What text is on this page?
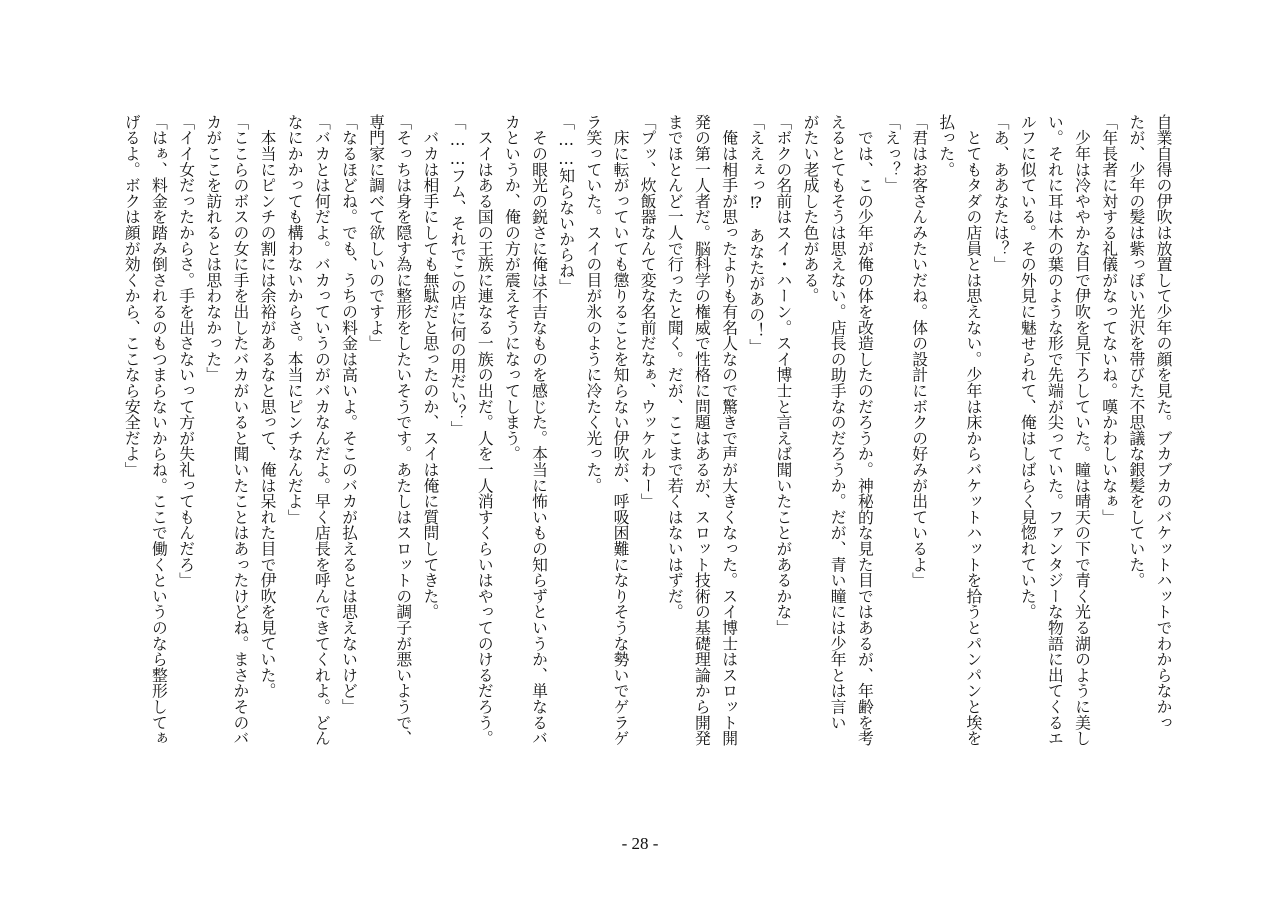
自業自得の伊吹は放置して少年の顔を見た。ブカブカのバケットハットでわからなかっ
たが、少年の髪は紫っぽい光沢を帯びた不思議な銀髪をしていた。
「年長者に対する礼儀がなってないね。嘆かわしいなぁ」
　少年は冷ややかな目で伊吹を見下ろしていた。瞳は晴天の下で青く光る湖のように美し
い。それに耳は木の葉のような形で先端が尖っていた。ファンタジーな物語に出てくるエ
ルフに似ている。その外見に魅せられて、俺はしばらく見惚れていた。
「あ、ああなたは？」
　とてもタダの店員とは思えない。少年は床からバケットハットを拾うとパンパンと埃を
払った。
「君はお客さんみたいだね。体の設計にボクの好みが出ているよ」
「えっ？」
　では、この少年が俺の体を改造したのだろうか。神秘的な見た目ではあるが、年齢を考
えるとてもそうは思えない。店長の助手なのだろうか。だが、青い瞳には少年とは言い
がたい老成した色がある。
「ボクの名前はスイ・ハーン。スイ博士と言えば聞いたことがあるかな」
「ええぇっ⁉　あなたがあの！」
　俺は相手が思ったよりも有名人なので驚きで声が大きくなった。スイ博士はスロット開
発の第一人者だ。脳科学の権威で性格に問題はあるが、スロット技術の基礎理論から開発
までほとんど一人で行ったと聞く。だが、ここまで若くはないはずだ。
「プッ、炊飯器なんて変な名前だなぁ、ウッケルわー」
　床に転がっていても懲りることを知らない伊吹が、呼吸困難になりそうな勢いでゲラゲ
ラ笑っていた。スイの目が氷のように冷たく光った。
「……知らないからね」
　その眼光の鋭さに俺は不吉なものを感じた。本当に怖いもの知らずというか、単なるバ
カというか、俺の方が震えそうになってしまう。
　スイはある国の王族に連なる一族の出だ。人を一人消すくらいはやってのけるだろう。
「……フム、それでこの店に何の用だい？」
　バカは相手にしても無駄だと思ったのか、スイは俺に質問してきた。
「そっちは身を隠す為に整形をしたいそうです。あたしはスロットの調子が悪いようで、
専門家に調べて欲しいのですよ」
「なるほどね。でも、うちの料金は高いよ。そこのバカが払えるとは思えないけど」
「バカとは何だよ。バカっていうのがバカなんだよ。早く店長を呼んできてくれよ。どん
なにかかっても構わないからさ。本当にピンチなんだよ」
　本当にピンチの割には余裕があるなと思って、俺は呆れた目で伊吹を見ていた。
「ここらのボスの女に手を出したバカがいると聞いたことはあったけどね。まさかそのバ
カがここを訪れるとは思わなかった」
「イイ女だったからさ。手を出さないって方が失礼ってもんだろ」
「はぁ、料金を踏み倒されるのもつまらないからね。ここで働くというのなら整形してぁ
げるよ。ボクは顔が効くから、ここなら安全だよ」
- 28 -
